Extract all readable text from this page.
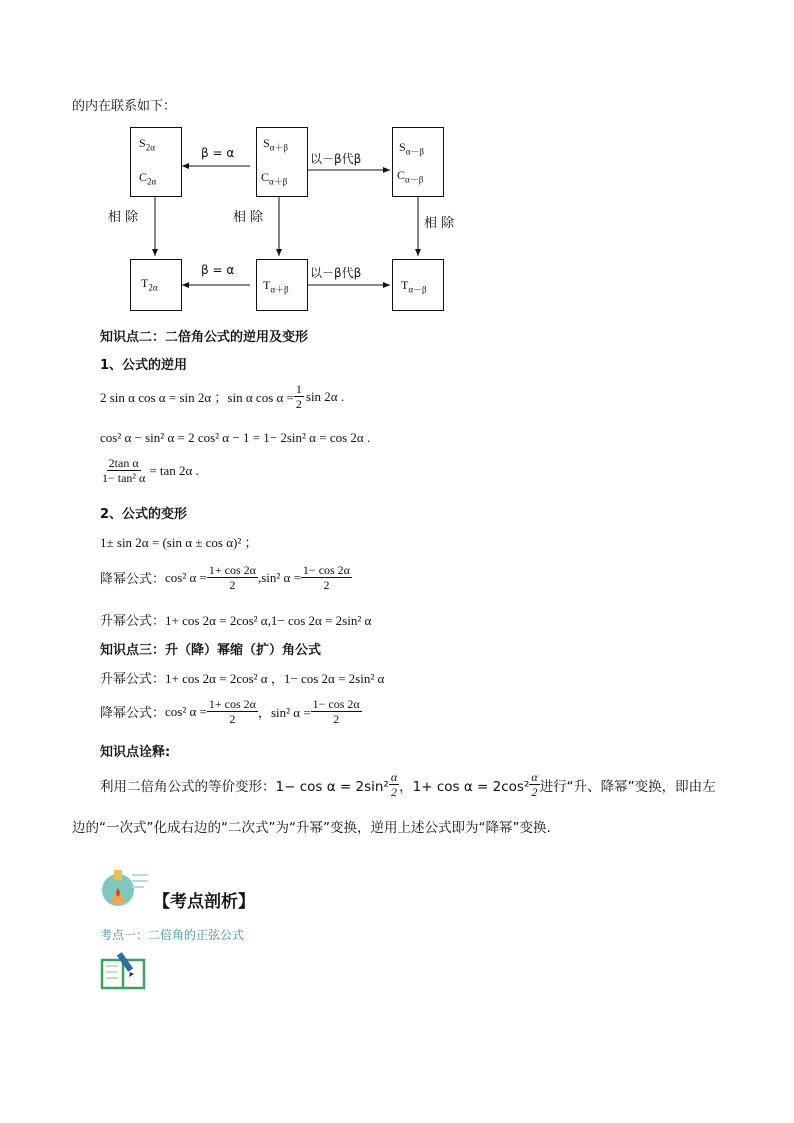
的内在联系如下：
$S_{2\alpha}$
$C_{2\alpha}$
$S_{\alpha+\beta}$
$C_{\alpha+\beta}$
$S_{\alpha-\beta}$
$C_{\alpha-\beta}$
$T_{2\alpha}$	$T_{\alpha+\beta}$	$T_{\alpha-\beta}$
β = α	以－β代β
β = α	以－β代β
相 除	相 除	相 除
知识点二：二倍角公式的逆用及变形
1、公式的逆用
2 sin α cos α = sin 2α ；sin α $\cos \alpha = \frac{1}{2}$ sin 2α .
cos² α − sin² α = 2 cos² α − 1 = 1− 2sin² α = cos 2α .
$\frac{\text{2tan α}}{\text{1− tan² α}} = \tan 2\alpha$ .
2、公式的变形
1± sin 2α = (sin α ± cos α)² ；
降幂公式： cos² $\alpha = \frac{1+ \cos 2\alpha}{2} ,\sin^2$ $\alpha = \frac{1- \cos 2\alpha}{2}$
升幂公式：1+ cos 2α = 2cos² α,1− cos 2α = 2sin² α
知识点三：升（降）幂缩（扩）角公式
升幂公式：1+ cos 2α = 2cos² α ，1− cos 2α = 2sin² α
降幂公式： cos² $\alpha = \frac{1+ \cos 2\alpha}{2}$ ，sin² $\alpha = \frac{1- \cos 2\alpha}{2}$
知识点诠释:
利用二倍角公式的等价变形：$1- \cos \alpha = 2\sin^2 \frac{\alpha}{2}$ ，$1+ \cos \alpha = 2\cos^2 \frac{\alpha}{2}$ 进行“升、降幂”变换，即由左
边的“一次式”化成右边的“二次式”为“升幂”变换，逆用上述公式即为“降幂”变换.
【考点剖析】
考点一：二倍角的正弦公式
